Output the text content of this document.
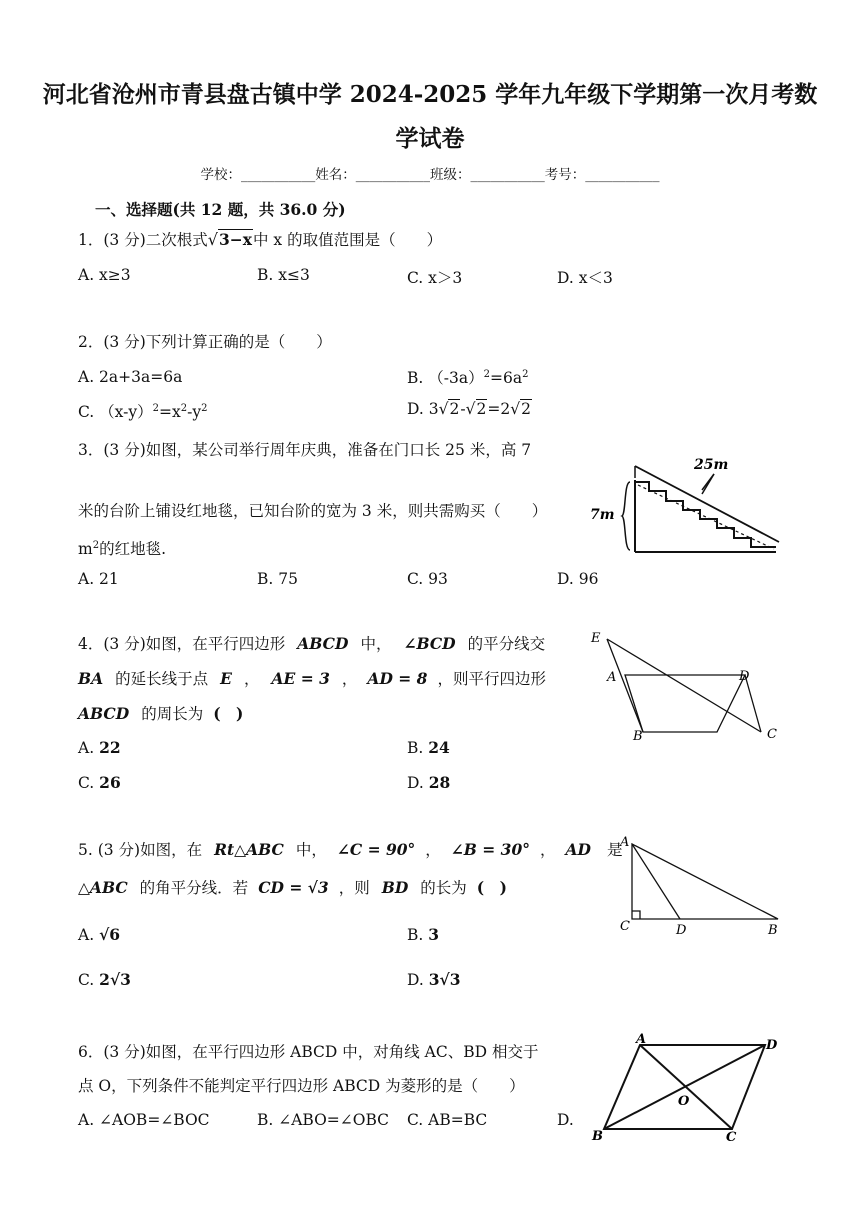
河北省沧州市青县盘古镇中学 2024-2025 学年九年级下学期第一次月考数
学试卷
学校：___________姓名：___________班级：___________考号：___________
一、选择题(共 12 题，共 36.0 分)
1．(3 分)二次根式√3−x中 x 的取值范围是（　　）
A. x≥3	B. x≤3	C. x＞3	D. x＜3
2．(3 分)下列计算正确的是（　　）
A. 2a+3a=6a	B. $(-3a)^2=6a^2$
C. $(x-y)^2=x^2-y^2$	D. 3√2-√2=2√2
3．(3 分)如图，某公司举行周年庆典，准备在门口长 25 米，高 7
米的台阶上铺设红地毯，已知台阶的宽为 3 米，则共需购买（　　）
$m^2$的红地毯.
A. 21	B. 75	C. 93	D. 96
25m
7m
4．(3 分)如图，在平行四边形 ABCD 中， ∠BCD 的平分线交
BA 的延长线于点 E ， AE = 3 ， AD = 8 ，则平行四边形
ABCD 的周长为 (　)
A. 22	B. 24
C. 26	D. 28
E
A	D
B	C
5. (3 分)如图，在 Rt△ABC 中， ∠C = 90° ， ∠B = 30° ， AD 是
△ABC 的角平分线．若 CD = √3 ，则 BD 的长为 (　)
A. √6	B. 3
C. 2√3	D. 3√3
A
C	D	B
6．(3 分)如图，在平行四边形 ABCD 中，对角线 AC、BD 相交于
点 O，下列条件不能判定平行四边形 ABCD 为菱形的是（　　）
A. ∠AOB=∠BOC	B. ∠ABO=∠OBC C. AB=BC	D.
A	D
O
B	C
